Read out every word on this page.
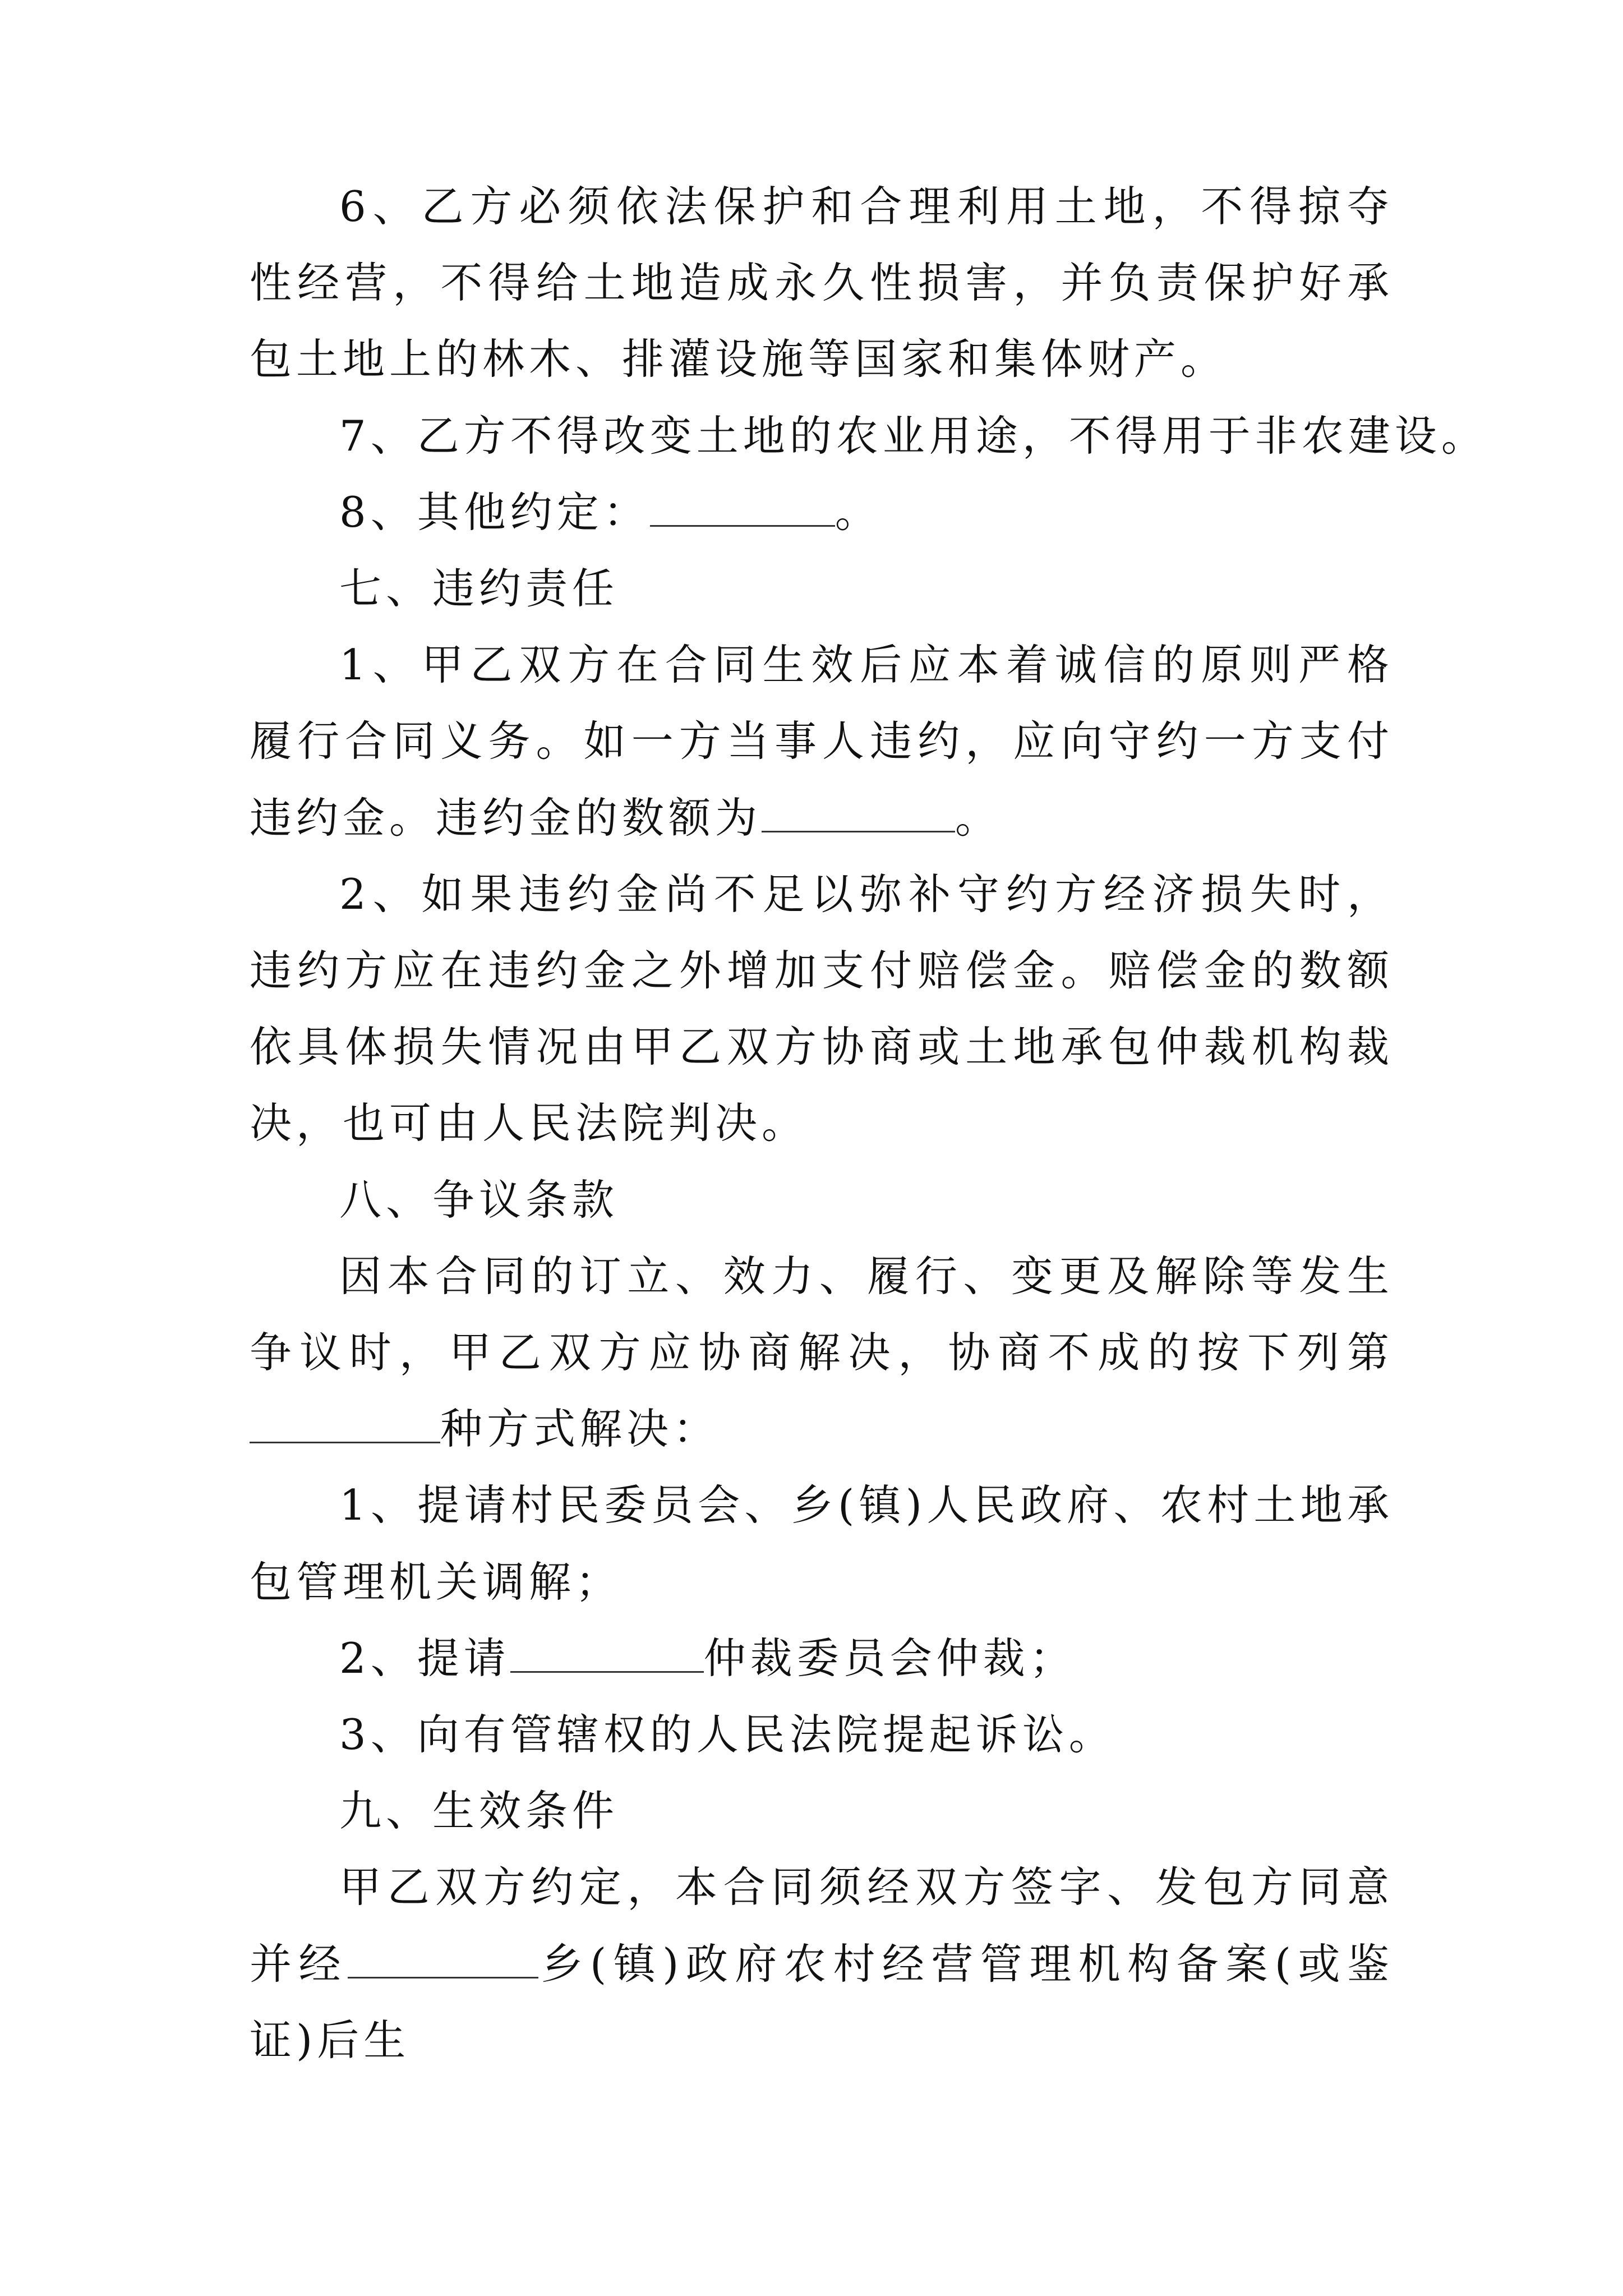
6、乙方必须依法保护和合理利用土地，不得掠夺性经营，不得给土地造成永久性损害，并负责保护好承包土地上的林木、排灌设施等国家和集体财产。

7、乙方不得改变土地的农业用途，不得用于非农建设。

8、其他约定：	。

七、违约责任

1、甲乙双方在合同生效后应本着诚信的原则严格履行合同义务。如一方当事人违约，应向守约一方支付违约金。违约金的数额为	。

2、如果违约金尚不足以弥补守约方经济损失时，违约方应在违约金之外增加支付赔偿金。赔偿金的数额依具体损失情况由甲乙双方协商或土地承包仲裁机构裁决，也可由人民法院判决。

八、争议条款

因本合同的订立、效力、履行、变更及解除等发生争议时，甲乙双方应协商解决，协商不成的按下列第种方式解决：

1、提请村民委员会、乡(镇)人民政府、农村土地承包管理机关调解；

2、提请	仲裁委员会仲裁；

3、向有管辖权的人民法院提起诉讼。

九、生效条件

甲乙双方约定，本合同须经双方签字、发包方同意并经	乡(镇)政府农村经营管理机构备案(或鉴证)后生
